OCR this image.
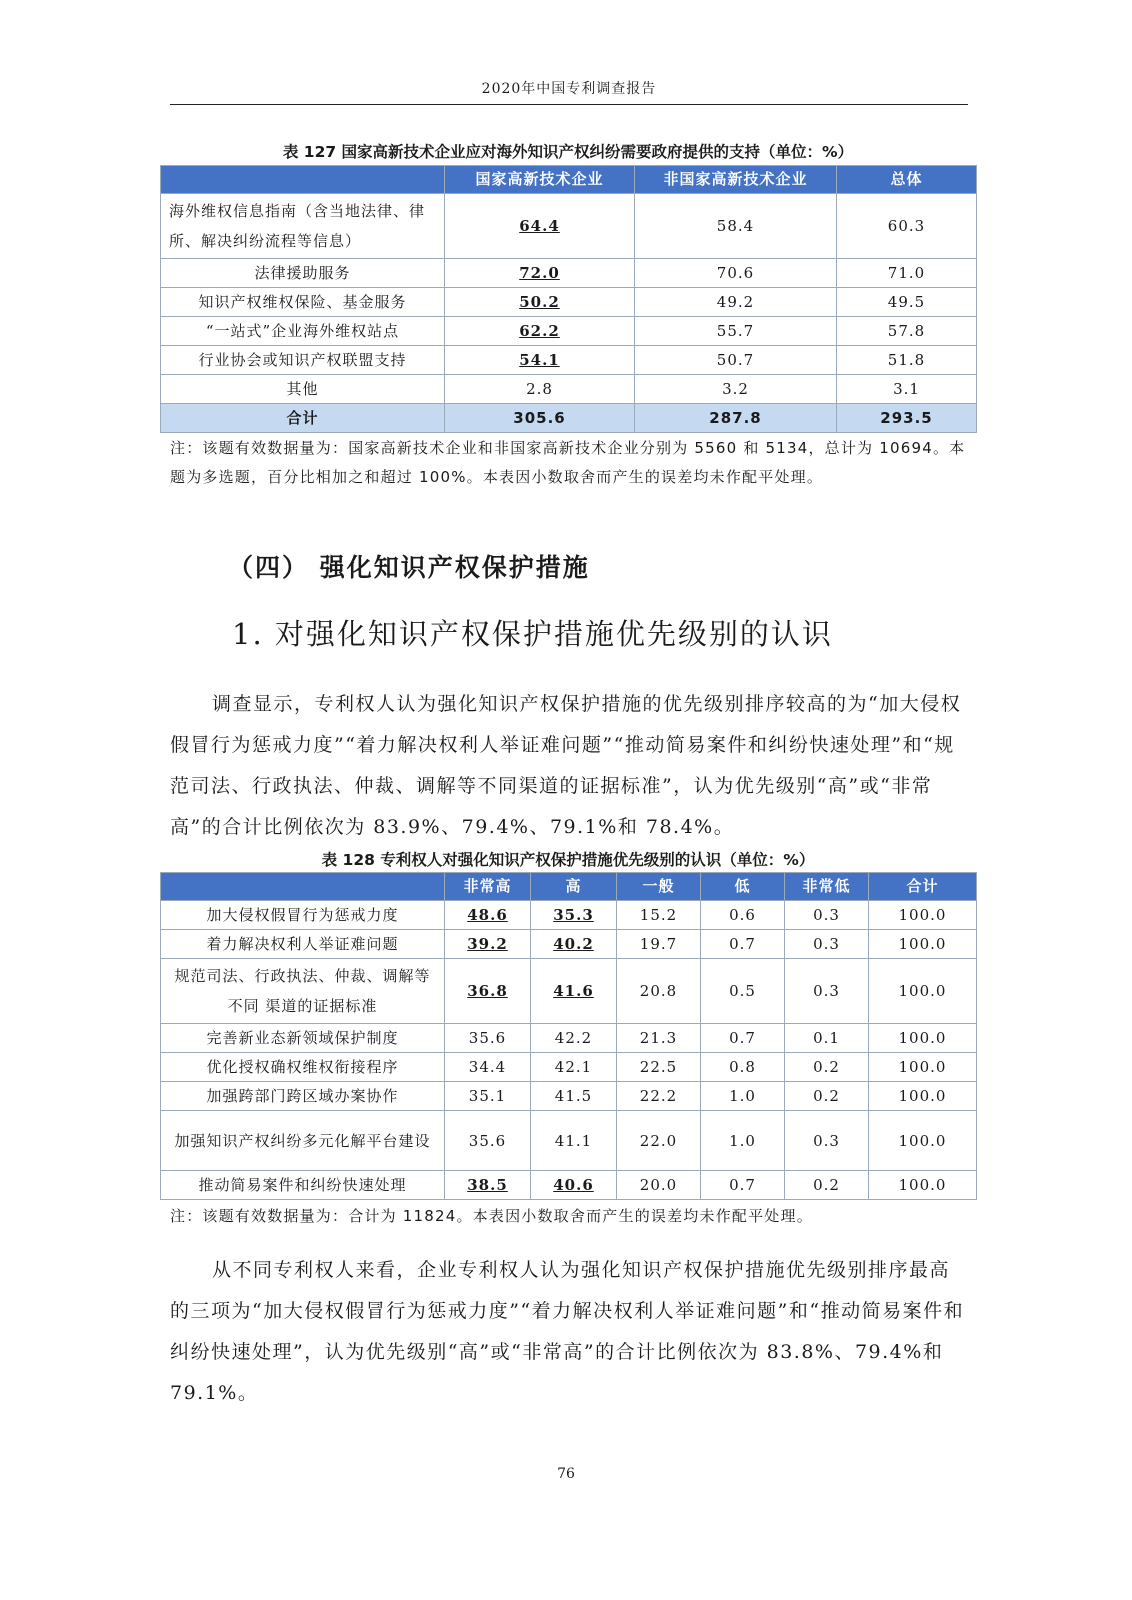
2020年中国专利调查报告
表 127 国家高新技术企业应对海外知识产权纠纷需要政府提供的支持（单位：%）
	国家高新技术企业	非国家高新技术企业	总体
海外维权信息指南（含当地法律、律所、解决纠纷流程等信息）	64.4	58.4	60.3
法律援助服务	72.0	70.6	71.0
知识产权维权保险、基金服务	50.2	49.2	49.5
“一站式”企业海外维权站点	62.2	55.7	57.8
行业协会或知识产权联盟支持	54.1	50.7	51.8
其他	2.8	3.2	3.1
合计	305.6	287.8	293.5
注：该题有效数据量为：国家高新技术企业和非国家高新技术企业分别为 5560 和 5134，总计为 10694。本题为多选题，百分比相加之和超过 100%。本表因小数取舍而产生的误差均未作配平处理。
（四） 强化知识产权保护措施
1. 对强化知识产权保护措施优先级别的认识

调查显示，专利权人认为强化知识产权保护措施的优先级别排序较高的为“加大侵权假冒行为惩戒力度”“着力解决权利人举证难问题”“推动简易案件和纠纷快速处理”和“规范司法、行政执法、仲裁、调解等不同渠道的证据标准”，认为优先级别“高”或“非常高”的合计比例依次为 83.9%、79.4%、79.1%和 78.4%。

表 128 专利权人对强化知识产权保护措施优先级别的认识（单位：%）
	非常高	高	一般	低	非常低	合计
加大侵权假冒行为惩戒力度	48.6	35.3	15.2	0.6	0.3	100.0
着力解决权利人举证难问题	39.2	40.2	19.7	0.7	0.3	100.0
规范司法、行政执法、仲裁、调解等不同 渠道的证据标准	36.8	41.6	20.8	0.5	0.3	100.0
完善新业态新领域保护制度	35.6	42.2	21.3	0.7	0.1	100.0
优化授权确权维权衔接程序	34.4	42.1	22.5	0.8	0.2	100.0
加强跨部门跨区域办案协作	35.1	41.5	22.2	1.0	0.2	100.0
加强知识产权纠纷多元化解平台建设	35.6	41.1	22.0	1.0	0.3	100.0
推动简易案件和纠纷快速处理	38.5	40.6	20.0	0.7	0.2	100.0
注：该题有效数据量为：合计为 11824。本表因小数取舍而产生的误差均未作配平处理。

从不同专利权人来看，企业专利权人认为强化知识产权保护措施优先级别排序最高的三项为“加大侵权假冒行为惩戒力度”“着力解决权利人举证难问题”和“推动简易案件和纠纷快速处理”，认为优先级别“高”或“非常高”的合计比例依次为 83.8%、79.4%和 79.1%。

76
